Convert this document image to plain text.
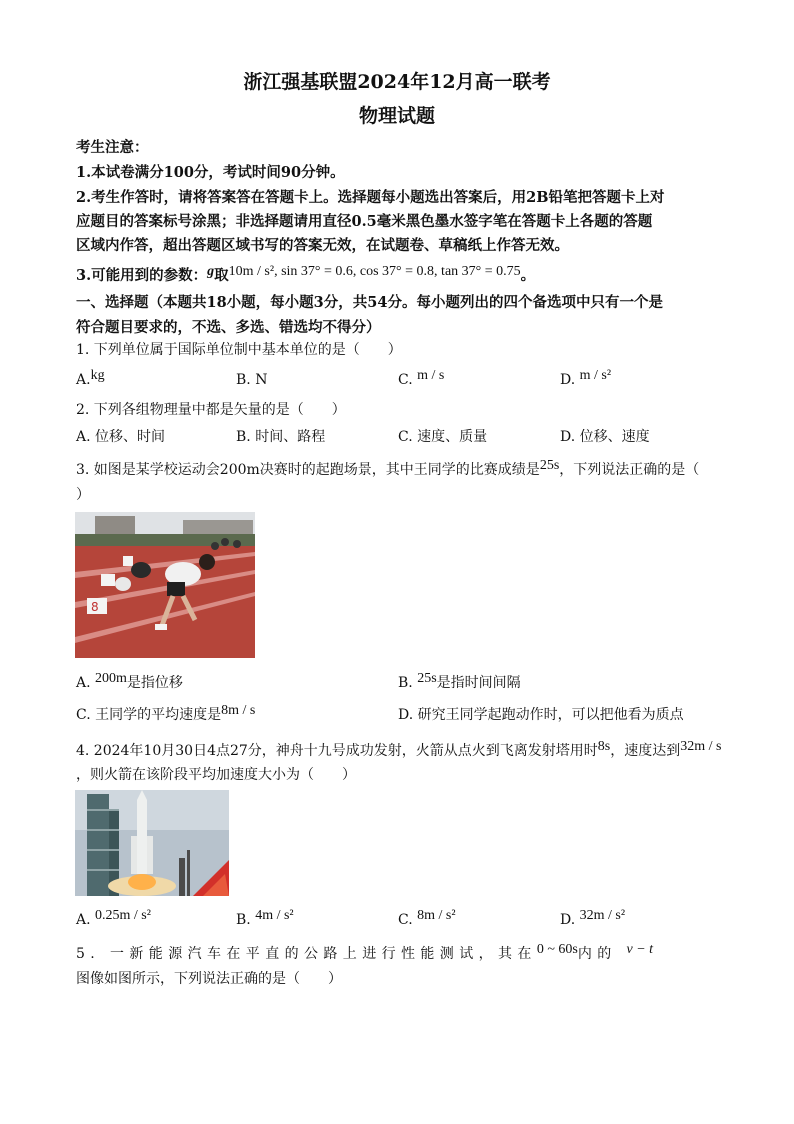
浙江强基联盟2024年12月高一联考
物理试题
考生注意：
1.本试卷满分100分，考试时间90分钟。
2.考生作答时，请将答案答在答题卡上。选择题每小题选出答案后，用2B铅笔把答题卡上对
应题目的答案标号涂黑；非选择题请用直径0.5毫米黑色墨水签字笔在答题卡上各题的答题
区域内作答，超出答题区域书写的答案无效，在试题卷、草稿纸上作答无效。
3.可能用到的参数：g取10m / s², sin 37° = 0.6, cos 37° = 0.8, tan 37° = 0.75。
一、选择题（本题共18小题，每小题3分，共54分。每小题列出的四个备选项中只有一个是
符合题目要求的，不选、多选、错选均不得分）
1. 下列单位属于国际单位制中基本单位的是（　　）
A.kg	B. N	C. m / s	D. m / s²
2. 下列各组物理量中都是矢量的是（　　）
A. 位移、时间	B. 时间、路程	C. 速度、质量	D. 位移、速度
3. 如图是某学校运动会200m决赛时的起跑场景，其中王同学的比赛成绩是25s，下列说法正确的是（
）
8
A. 200m是指位移	B. 25s是指时间间隔
C. 王同学的平均速度是8m / s	D. 研究王同学起跑动作时，可以把他看为质点
4. 2024年10月30日4点27分，神舟十九号成功发射，火箭从点火到飞离发射塔用时8s，速度达到32m / s
，则火箭在该阶段平均加速度大小为（　　）
A. 0.25m / s²	B. 4m / s²	C. 8m / s²	D. 32m / s²
5. 一新能源汽车在平直的公路上进行性能测试，其在0 ~ 60s内的 v − t
图像如图所示，下列说法正确的是（　　）
